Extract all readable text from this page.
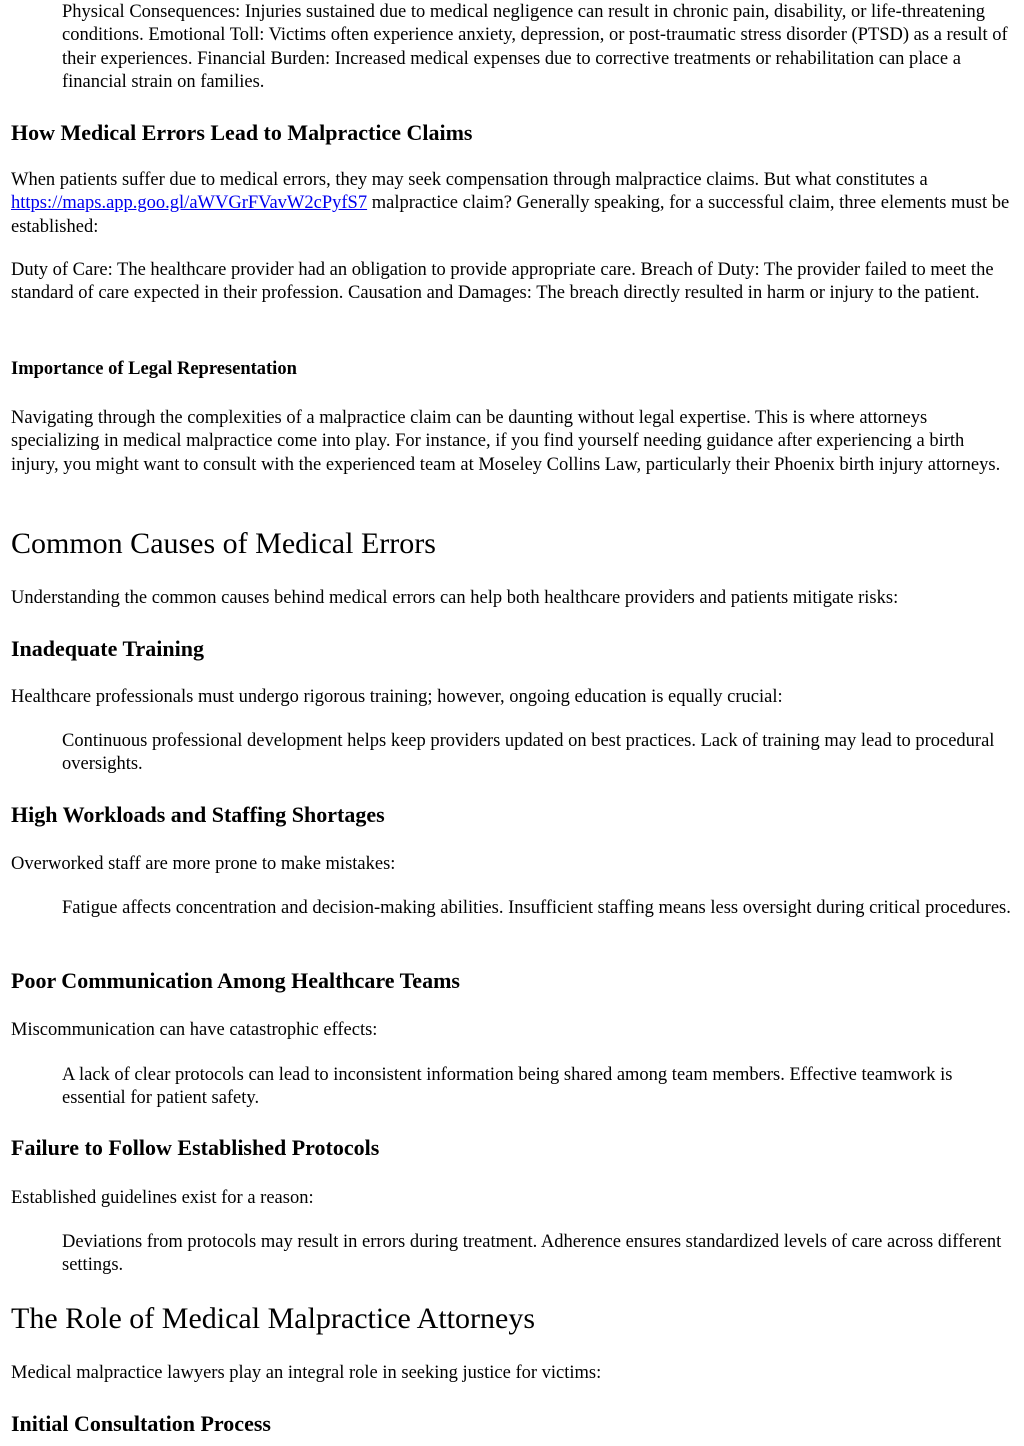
Physical Consequences: Injuries sustained due to medical negligence can result in chronic pain, disability, or life-threatening conditions. Emotional Toll: Victims often experience anxiety, depression, or post-traumatic stress disorder (PTSD) as a result of their experiences. Financial Burden: Increased medical expenses due to corrective treatments or rehabilitation can place a financial strain on families.

How Medical Errors Lead to Malpractice Claims

When patients suffer due to medical errors, they may seek compensation through malpractice claims. But what constitutes a https://maps.app.goo.gl/aWVGrFVavW2cPyfS7 malpractice claim? Generally speaking, for a successful claim, three elements must be established:

Duty of Care: The healthcare provider had an obligation to provide appropriate care. Breach of Duty: The provider failed to meet the standard of care expected in their profession. Causation and Damages: The breach directly resulted in harm or injury to the patient.

Importance of Legal Representation

Navigating through the complexities of a malpractice claim can be daunting without legal expertise. This is where attorneys specializing in medical malpractice come into play. For instance, if you find yourself needing guidance after experiencing a birth injury, you might want to consult with the experienced team at Moseley Collins Law, particularly their Phoenix birth injury attorneys.

Common Causes of Medical Errors

Understanding the common causes behind medical errors can help both healthcare providers and patients mitigate risks:

Inadequate Training

Healthcare professionals must undergo rigorous training; however, ongoing education is equally crucial:

Continuous professional development helps keep providers updated on best practices. Lack of training may lead to procedural oversights.

High Workloads and Staffing Shortages

Overworked staff are more prone to make mistakes:

Fatigue affects concentration and decision-making abilities. Insufficient staffing means less oversight during critical procedures.

Poor Communication Among Healthcare Teams

Miscommunication can have catastrophic effects:

A lack of clear protocols can lead to inconsistent information being shared among team members. Effective teamwork is essential for patient safety.

Failure to Follow Established Protocols

Established guidelines exist for a reason:

Deviations from protocols may result in errors during treatment. Adherence ensures standardized levels of care across different settings.

The Role of Medical Malpractice Attorneys

Medical malpractice lawyers play an integral role in seeking justice for victims:

Initial Consultation Process
